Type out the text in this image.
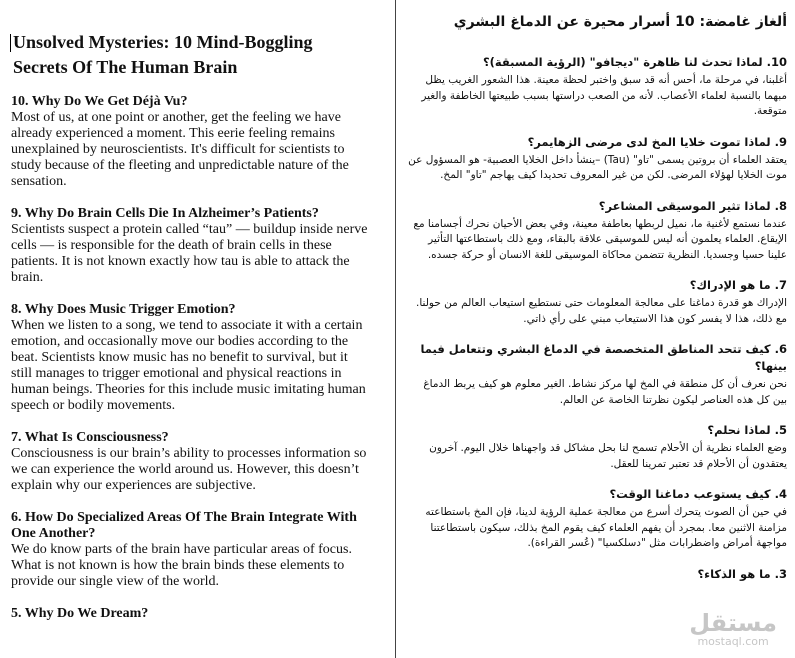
Unsolved Mysteries: 10 Mind-Boggling
Secrets Of The Human Brain

10. Why Do We Get Déjà Vu?

Most of us, at one point or another, get the feeling we have already experienced a moment. This eerie feeling remains unexplained by neuroscientists. It's difficult for scientists to study because of the fleeting and unpredictable nature of the sensation.

9. Why Do Brain Cells Die In Alzheimer’s Patients?

Scientists suspect a protein called “tau” — buildup inside nerve cells — is responsible for the death of brain cells in these patients. It is not known exactly how tau is able to attack the brain.

8. Why Does Music Trigger Emotion?

When we listen to a song, we tend to associate it with a certain emotion, and occasionally move our bodies according to the beat. Scientists know music has no benefit to survival, but it still manages to trigger emotional and physical reactions in human beings. Theories for this include music imitating human speech or bodily movements.

7. What Is Consciousness?

Consciousness is our brain’s ability to processes information so we can experience the world around us. However, this doesn’t explain why our experiences are subjective.

6. How Do Specialized Areas Of The Brain Integrate With One Another?

We do know parts of the brain have particular areas of focus. What is not known is how the brain binds these elements to provide our single view of the world.

5. Why Do We Dream?

ألغاز غامضة: 10 أسرار محيرة عن الدماغ البشري

10. لماذا تحدث لنا ظاهرة "ديجافو" (الرؤية المسبقة)؟

أغلبنا، في مرحلة ما، أحس أنه قد سبق واختبر لحظة معينة. هذا الشعور الغريب يظل مبهما بالنسبة لعلماء الأعصاب. لأنه من الصعب دراستها بسبب طبيعتها الخاطفة والغير متوقعة.

9. لماذا تموت خلايا المخ لدى مرضى الزهايمر؟

يعتقد العلماء أن بروتين يسمى "تاو" (Tau) –ينشأ داخل الخلايا العصبية- هو المسؤول عن موت الخلايا لهؤلاء المرضى. لكن من غير المعروف تحديدا كيف يهاجم "تاو" المخ.

8. لماذا تثير الموسيقى المشاعر؟

عندما نستمع لأغنية ما، نميل لربطها بعاطفة معينة، وفي بعض الأحيان نحرك أجسامنا مع الإيقاع. العلماء يعلمون أنه ليس للموسيقى علاقة بالبقاء، ومع ذلك باستطاعتها التأثير علينا حسيا وجسديا. النظرية تتضمن محاكاة الموسيقى للغة الانسان أو حركة جسده.

7. ما هو الإدراك؟

الإدراك هو قدرة دماغنا على معالجة المعلومات حتى نستطيع استيعاب العالم من حولنا. مع ذلك، هذا لا يفسر كون هذا الاستيعاب مبني على رأي ذاتي.

6. كيف تتحد المناطق المتخصصة في الدماغ البشري وتتعامل فيما بينها؟

نحن نعرف أن كل منطقة في المخ لها مركز نشاط. الغير معلوم هو كيف يربط الدماغ بين كل هذه العناصر ليكون نظرتنا الخاصة عن العالم.

5. لماذا نحلم؟

وضع العلماء نظرية أن الأحلام تسمح لنا بحل مشاكل قد واجهناها خلال اليوم. آخرون يعتقدون أن الأحلام قد تعتبر تمرينا للعقل.

4. كيف يستوعب دماغنا الوقت؟

في حين أن الصوت يتحرك أسرع من معالجة عملية الرؤية لدينا، فإن المخ باستطاعته مزامنة الاثنين معا. بمجرد أن يفهم العلماء كيف يقوم المخ بذلك، سيكون باستطاعتنا مواجهة أمراض واضطرابات مثل "دسلكسيا" (عُسر القراءة).

3. ما هو الذكاء؟

مستقل
mostaql.com
